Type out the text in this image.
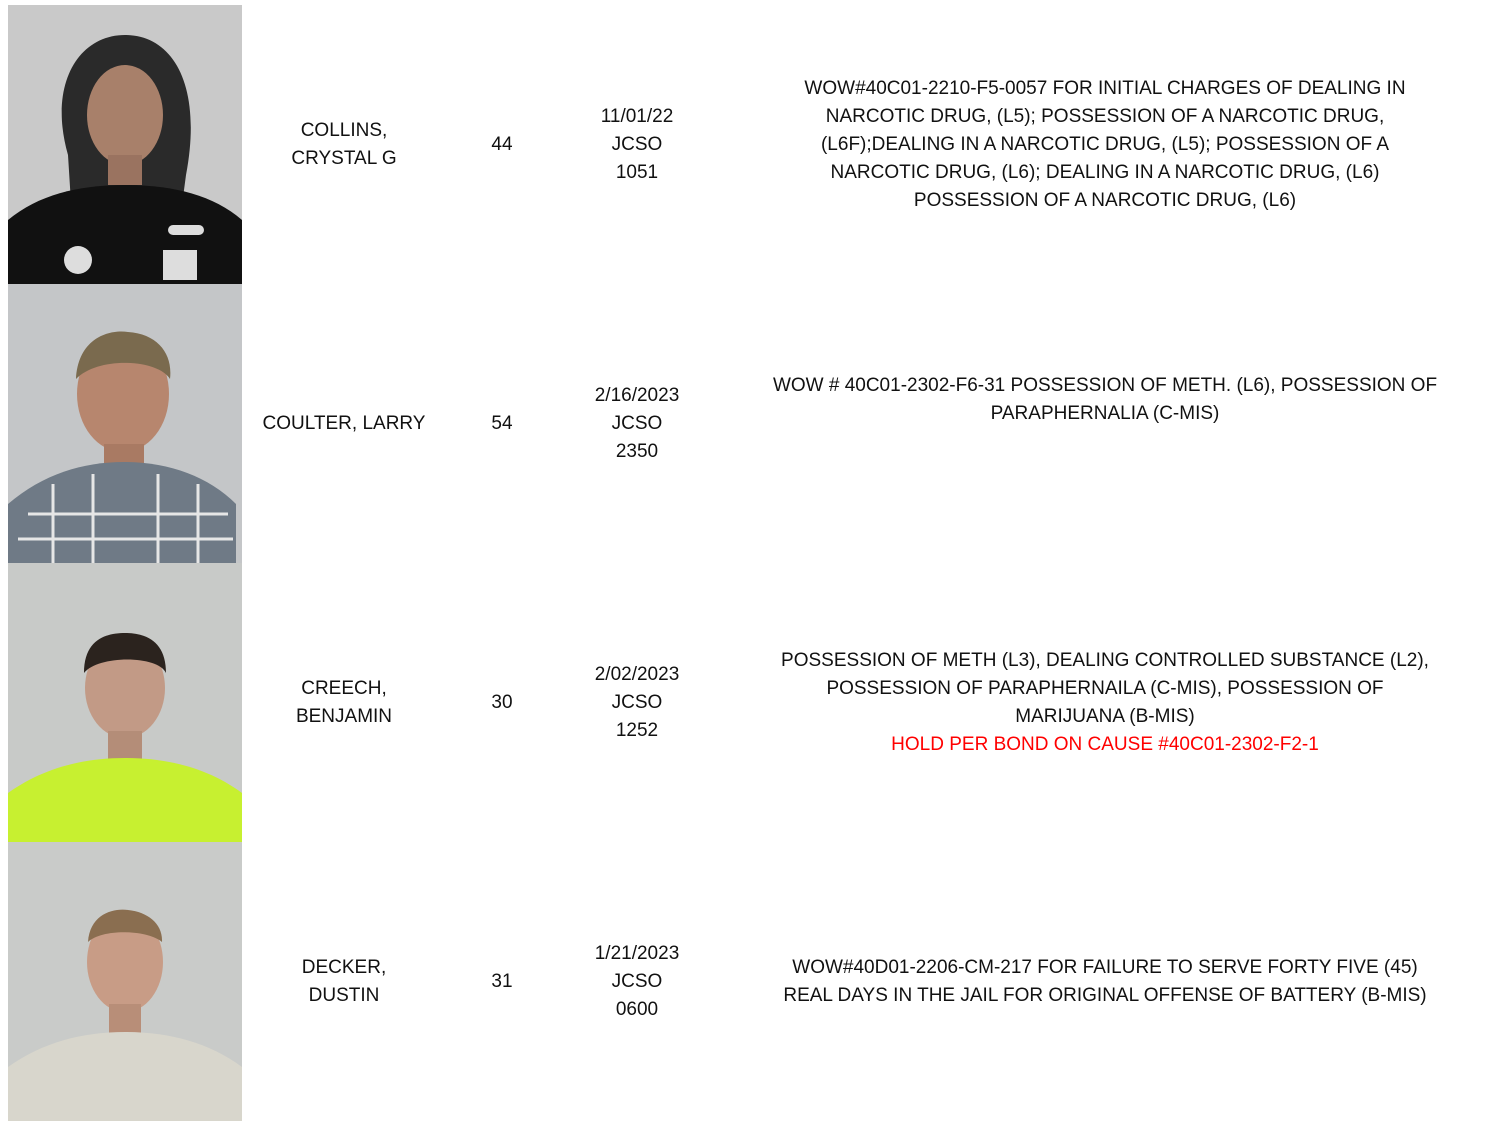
COLLINS,
CRYSTAL G
44
11/01/22
JCSO
1051
WOW#40C01-2210-F5-0057 FOR INITIAL CHARGES OF DEALING IN
NARCOTIC DRUG, (L5); POSSESSION OF A NARCOTIC DRUG,
(L6F);DEALING IN A NARCOTIC DRUG, (L5); POSSESSION OF A
NARCOTIC DRUG, (L6); DEALING IN A NARCOTIC DRUG, (L6)
POSSESSION OF A NARCOTIC DRUG, (L6)
COULTER, LARRY	54
2/16/2023
JCSO
2350
WOW # 40C01-2302-F6-31 POSSESSION OF METH. (L6), POSSESSION OF
PARAPHERNALIA (C-MIS)
CREECH,
BENJAMIN
30
2/02/2023
JCSO
1252
POSSESSION OF METH (L3), DEALING CONTROLLED SUBSTANCE (L2),
POSSESSION OF PARAPHERNAILA (C-MIS), POSSESSION OF
MARIJUANA (B-MIS)
HOLD PER BOND ON CAUSE #40C01-2302-F2-1
DECKER,
DUSTIN
31
1/21/2023
JCSO
0600
WOW#40D01-2206-CM-217 FOR FAILURE TO SERVE FORTY FIVE (45)
REAL DAYS IN THE JAIL FOR ORIGINAL OFFENSE OF BATTERY (B-MIS)
